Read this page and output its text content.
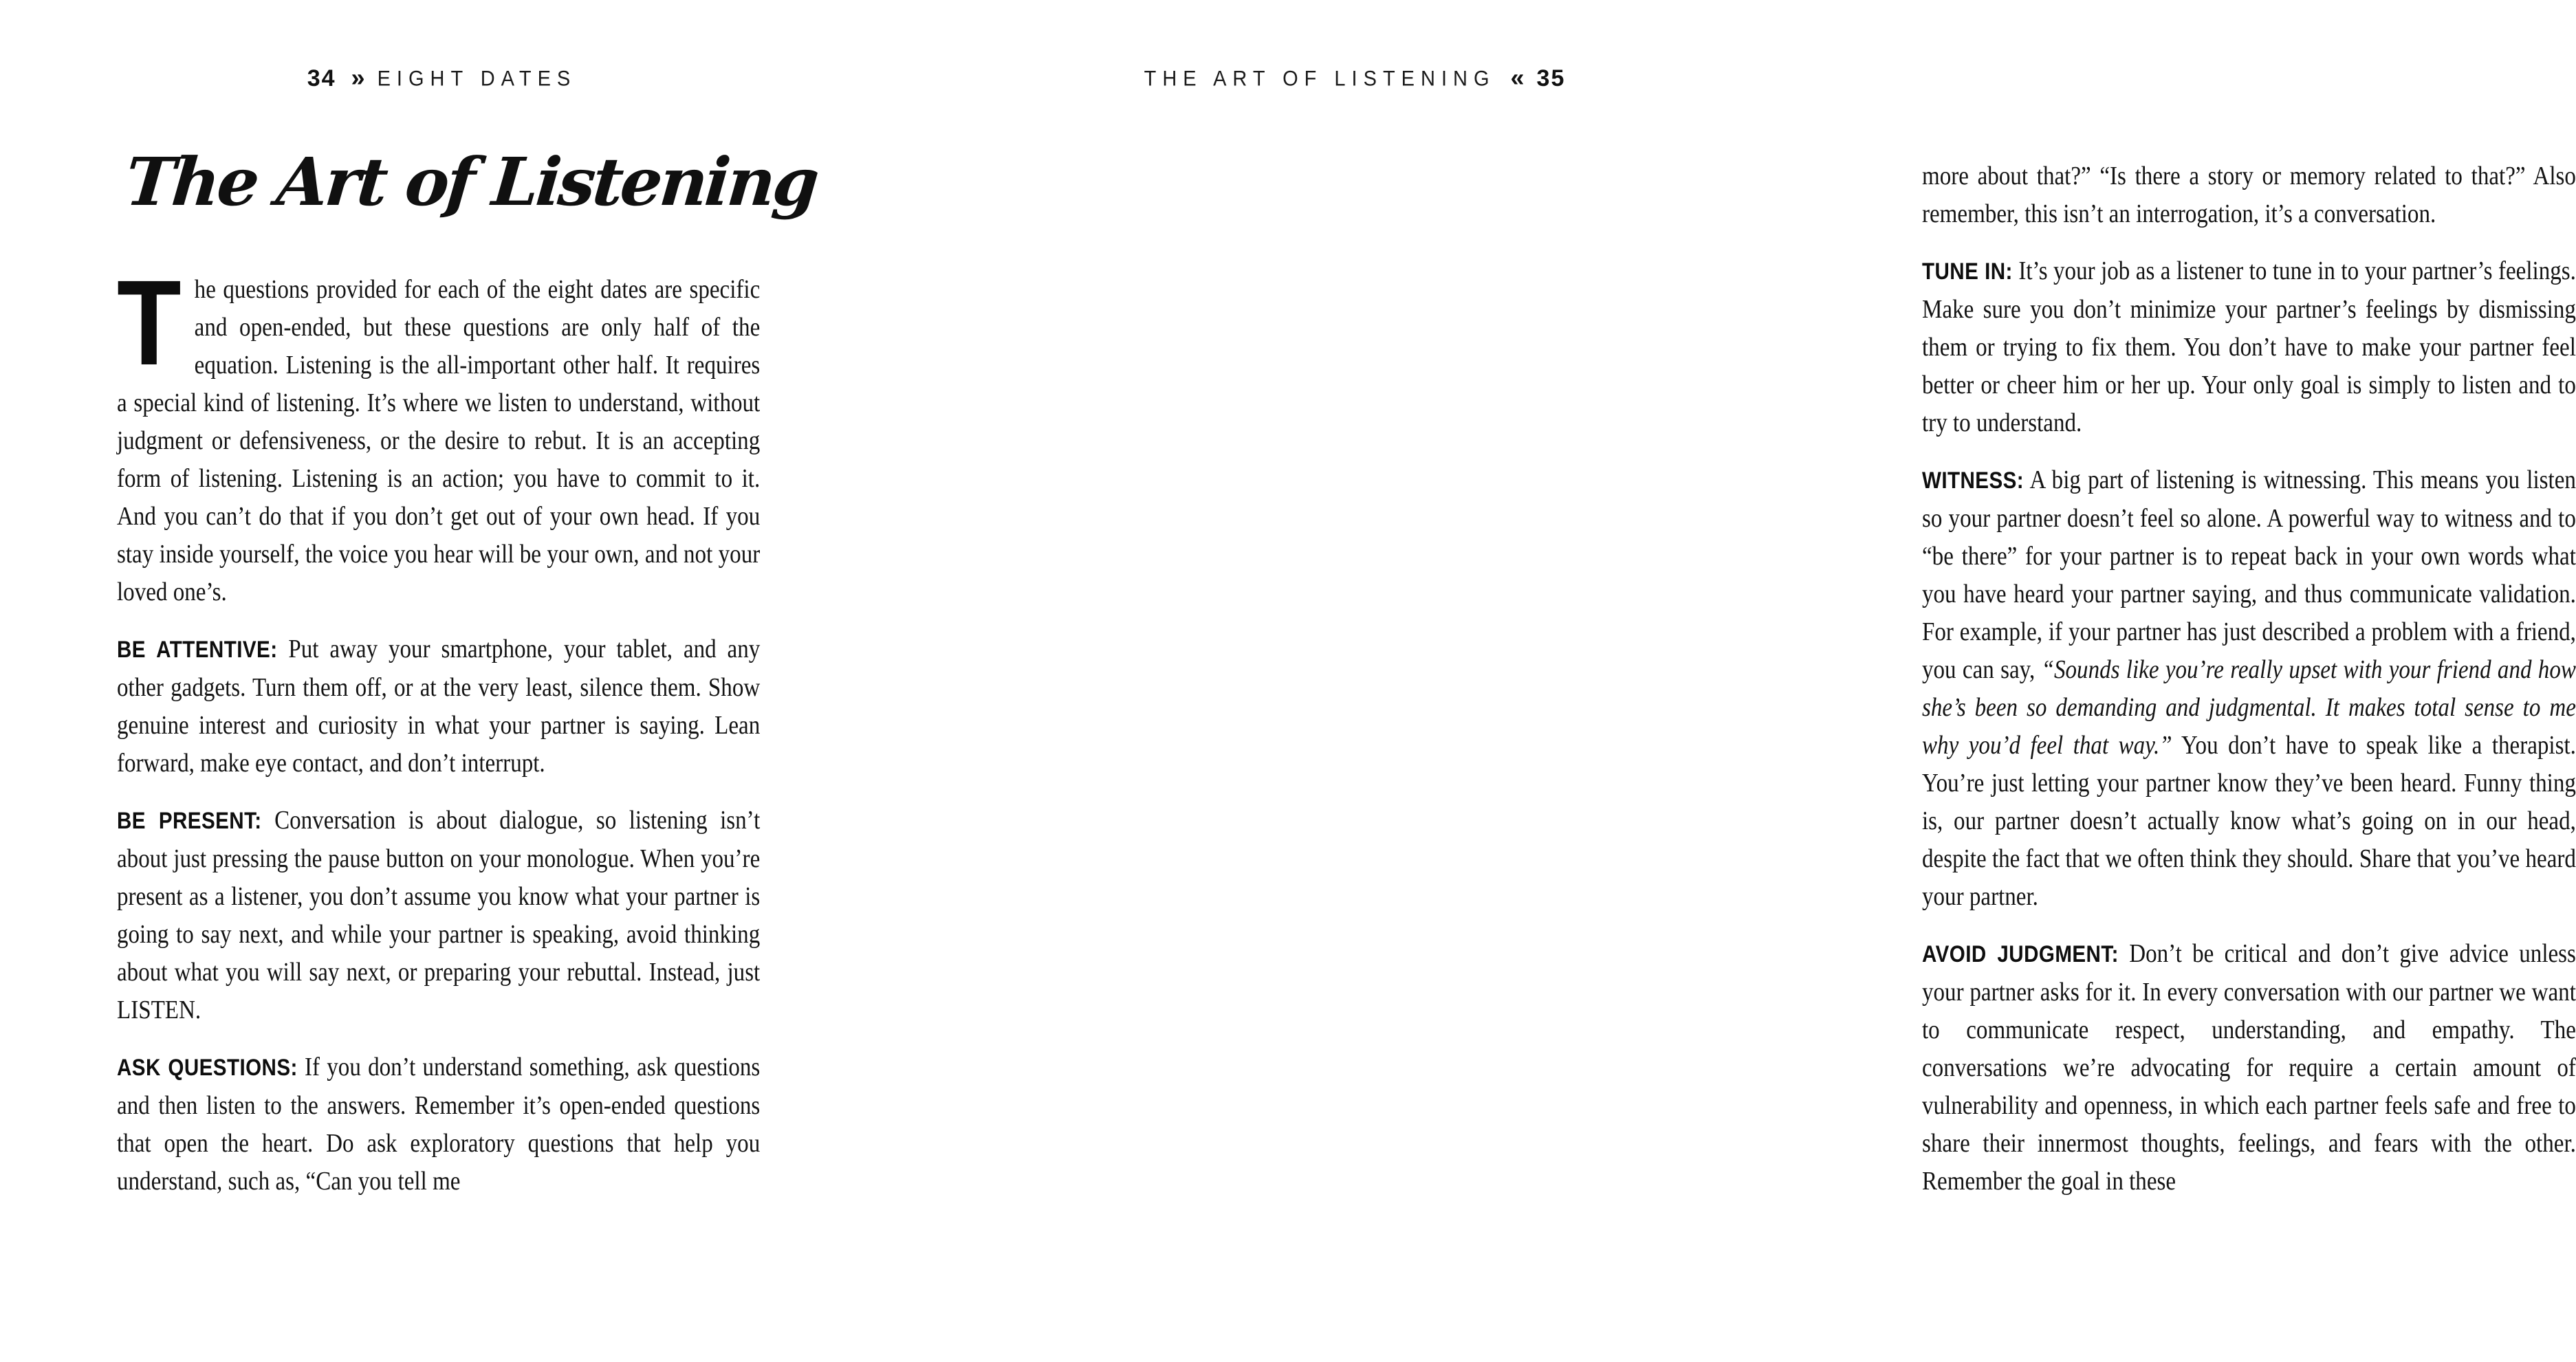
34 » EIGHT DATES
The Art of Listening

The questions provided for each of the eight dates are specific and open-ended, but these questions are only half of the equation. Listening is the all-important other half. It requires a special kind of listening. It’s where we listen to understand, without judgment or defensiveness, or the desire to rebut. It is an accepting form of listening. Listening is an action; you have to commit to it. And you can’t do that if you don’t get out of your own head. If you stay inside yourself, the voice you hear will be your own, and not your loved one’s.

BE ATTENTIVE: Put away your smartphone, your tablet, and any other gadgets. Turn them off, or at the very least, silence them. Show genuine interest and curiosity in what your partner is saying. Lean forward, make eye contact, and don’t interrupt.

BE PRESENT: Conversation is about dialogue, so listening isn’t about just pressing the pause button on your monologue. When you’re present as a listener, you don’t assume you know what your partner is going to say next, and while your partner is speaking, avoid thinking about what you will say next, or preparing your rebuttal. Instead, just LISTEN.

ASK QUESTIONS: If you don’t understand something, ask questions and then listen to the answers. Remember it’s open-ended questions that open the heart. Do ask exploratory questions that help you understand, such as, “Can you tell me

THE ART OF LISTENING « 35

more about that?” “Is there a story or memory related to that?” Also remember, this isn’t an interrogation, it’s a conversation.

TUNE IN: It’s your job as a listener to tune in to your partner’s feelings. Make sure you don’t minimize your partner’s feelings by dismissing them or trying to fix them. You don’t have to make your partner feel better or cheer him or her up. Your only goal is simply to listen and to try to understand.

WITNESS: A big part of listening is witnessing. This means you listen so your partner doesn’t feel so alone. A powerful way to witness and to “be there” for your partner is to repeat back in your own words what you have heard your partner saying, and thus communicate validation. For example, if your partner has just described a problem with a friend, you can say, “Sounds like you’re really upset with your friend and how she’s been so demanding and judgmental. It makes total sense to me why you’d feel that way.” You don’t have to speak like a therapist. You’re just letting your partner know they’ve been heard. Funny thing is, our partner doesn’t actually know what’s going on in our head, despite the fact that we often think they should. Share that you’ve heard your partner.

AVOID JUDGMENT: Don’t be critical and don’t give advice unless your partner asks for it. In every conversation with our partner we want to communicate respect, understanding, and empathy. The conversations we’re advocating for require a certain amount of vulnerability and openness, in which each partner feels safe and free to share their innermost thoughts, feelings, and fears with the other. Remember the goal in these
